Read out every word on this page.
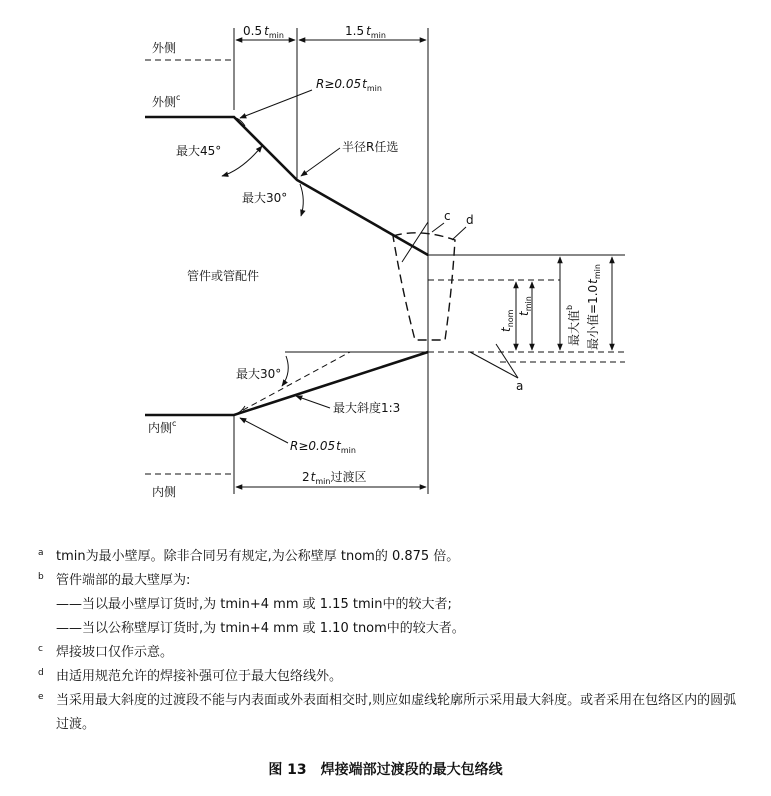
0.5 $t_{min}$	1.5 $t_{min}$
外侧
外侧$^c$
$R\ge 0.05t_{min}$
最大45°	半径R任选
最大30°
管件或管配件
c d
$t_{nom}$ $t_{min}$
最大值$^b$	最小值$=1.0t_{min}$
内侧$^c$
a
最大30°
最大斜度1:3
$R\ge 0.05t_{min}$
内侧
$2t_{min}$过渡区
a tmin为最小壁厚。除非合同另有规定,为公称壁厚 tnom的 0.875 倍。
b 管件端部的最大壁厚为:
——当以最小壁厚订货时,为 tmin+4 mm 或 1.15 tmin中的较大者;
——当以公称壁厚订货时,为 tmin+4 mm 或 1.10 tnom中的较大者。
c 焊接坡口仅作示意。
d 由适用规范允许的焊接补强可位于最大包络线外。
e 当采用最大斜度的过渡段不能与内表面或外表面相交时,则应如虚线轮廓所示采用最大斜度。或者采用在包络区内的圆弧过渡。
图 13　焊接端部过渡段的最大包络线
